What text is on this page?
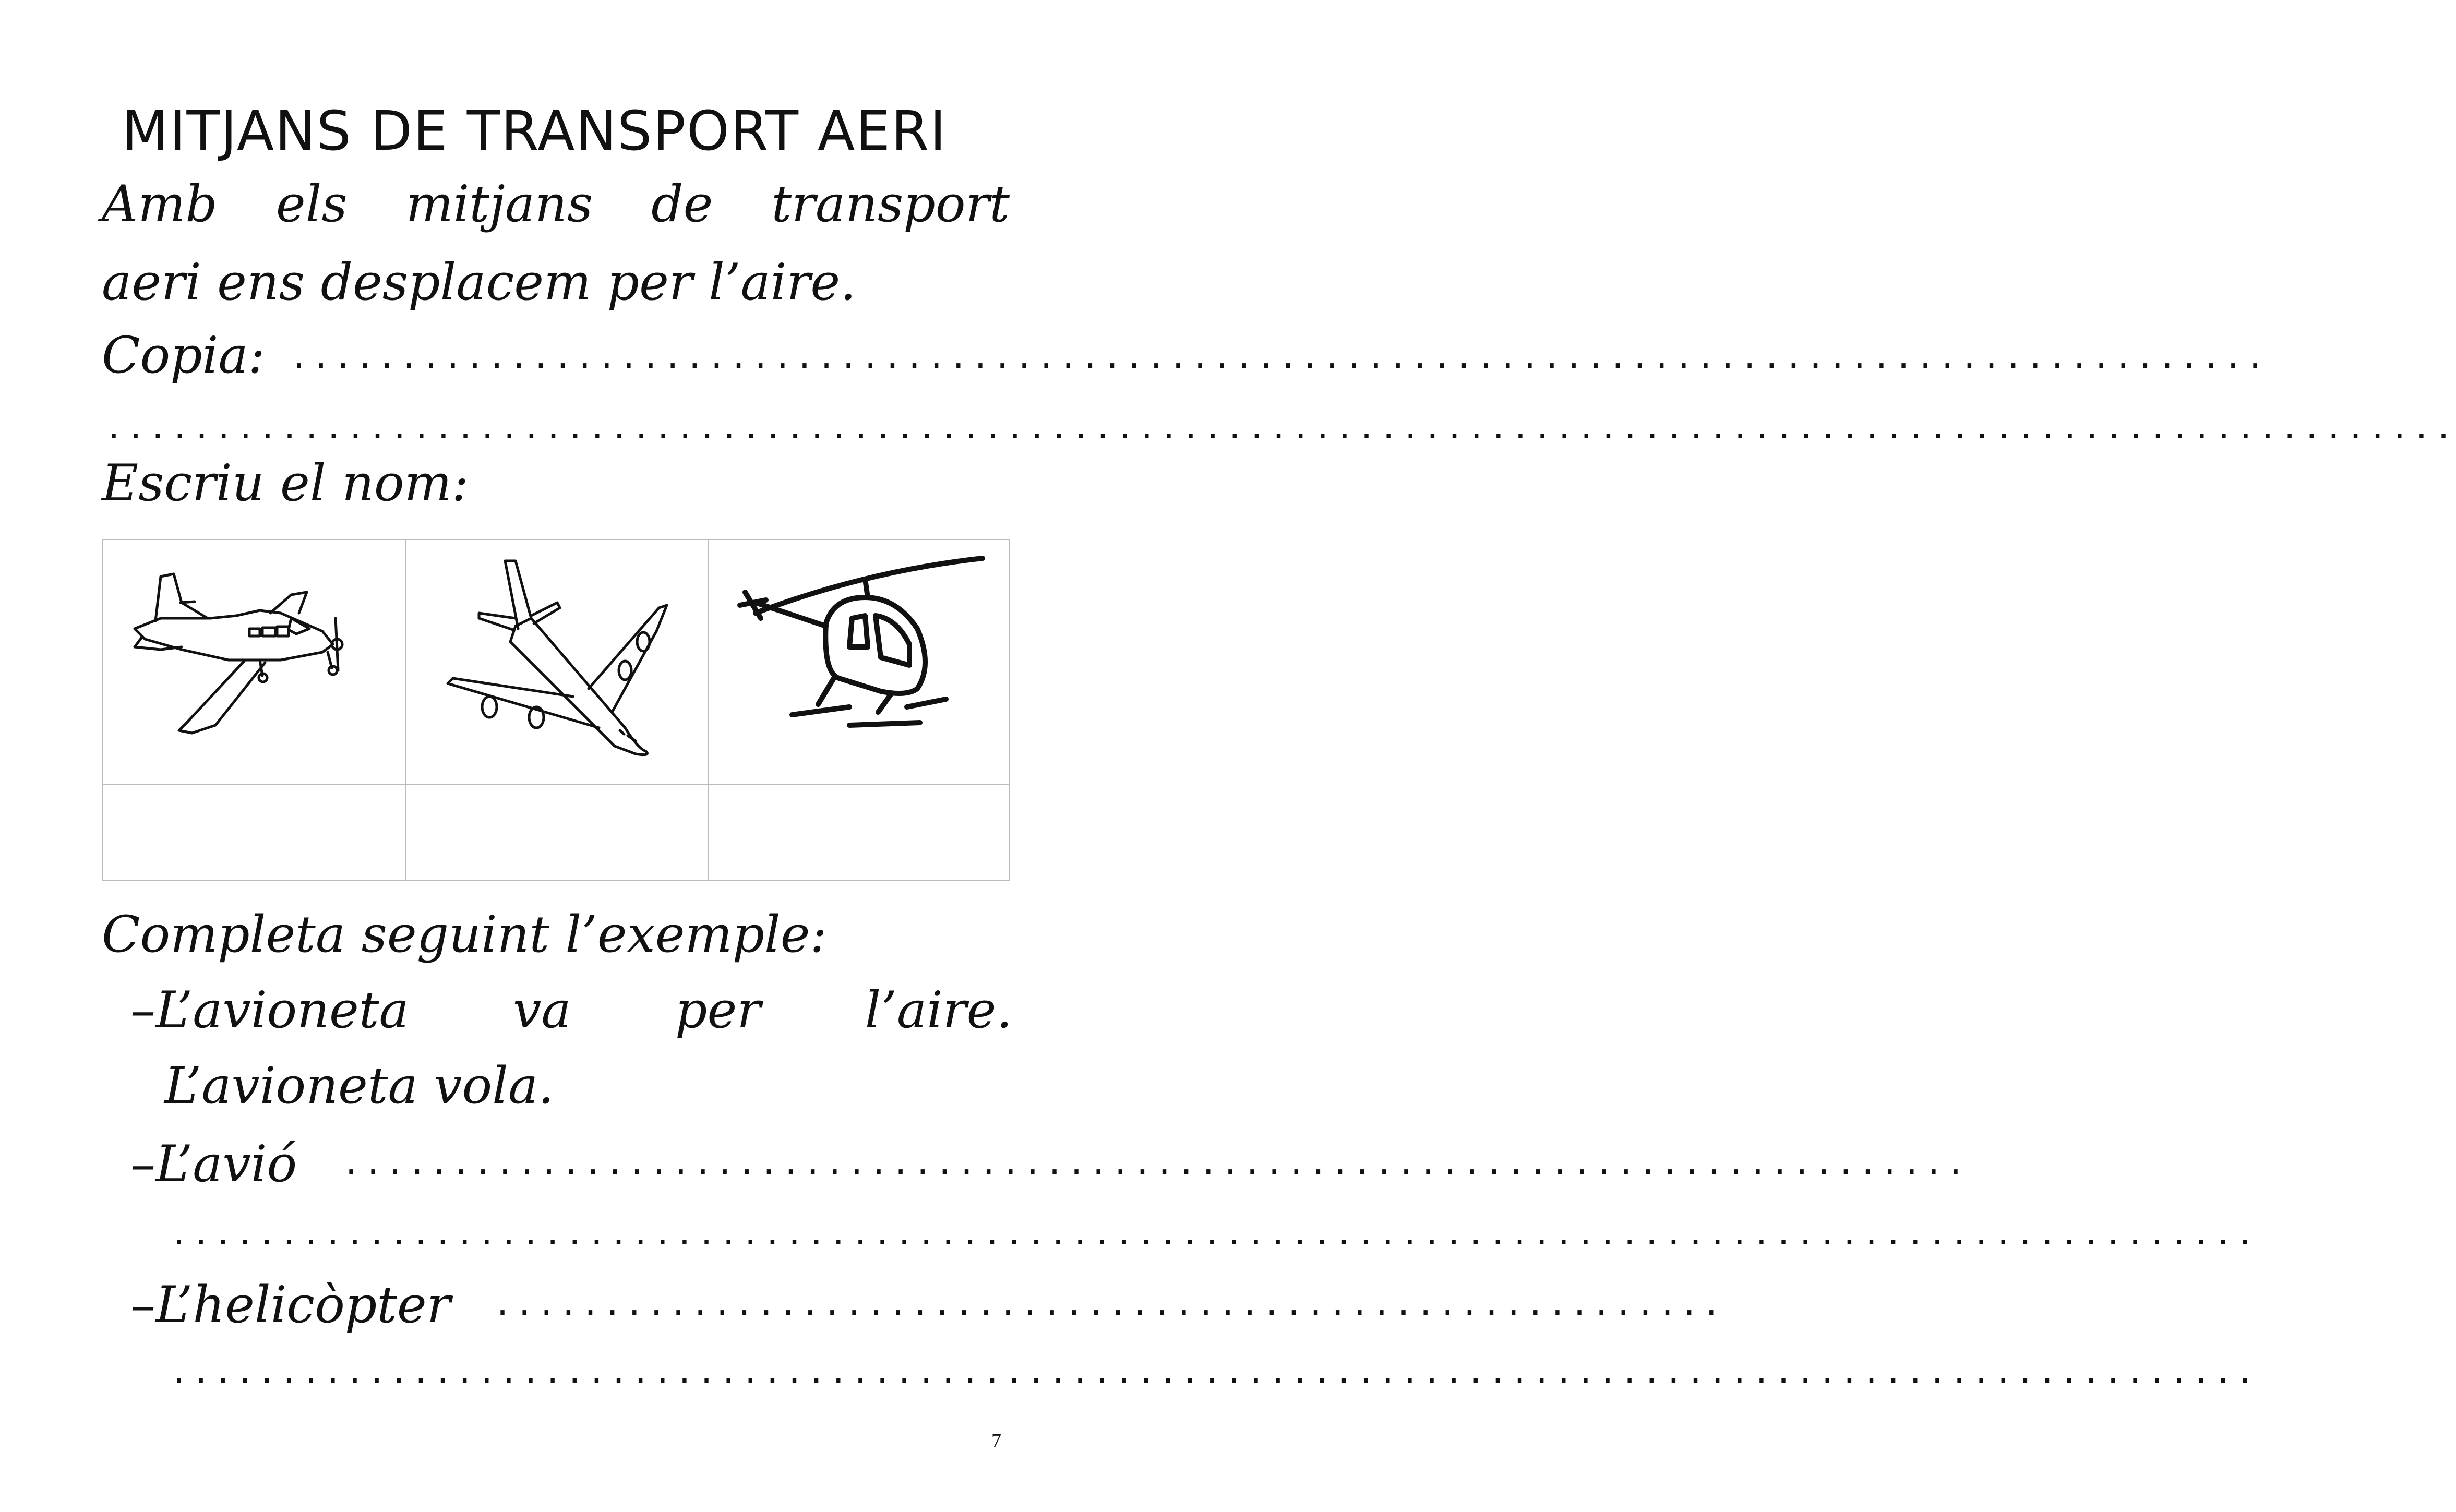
MITJANS DE TRANSPORT AERI
Amb els mitjans de transport
aeri ens desplacem per l’aire.
Copia: ..........................................................................................
...........................................................................................................
Escriu el nom:
Completa seguint l’exemple:
–L’avioneta va per l’aire.
L’avioneta vola.
–L’avió ..........................................................................
...............................................................................................
–L’helicòpter ........................................................
...............................................................................................
7
